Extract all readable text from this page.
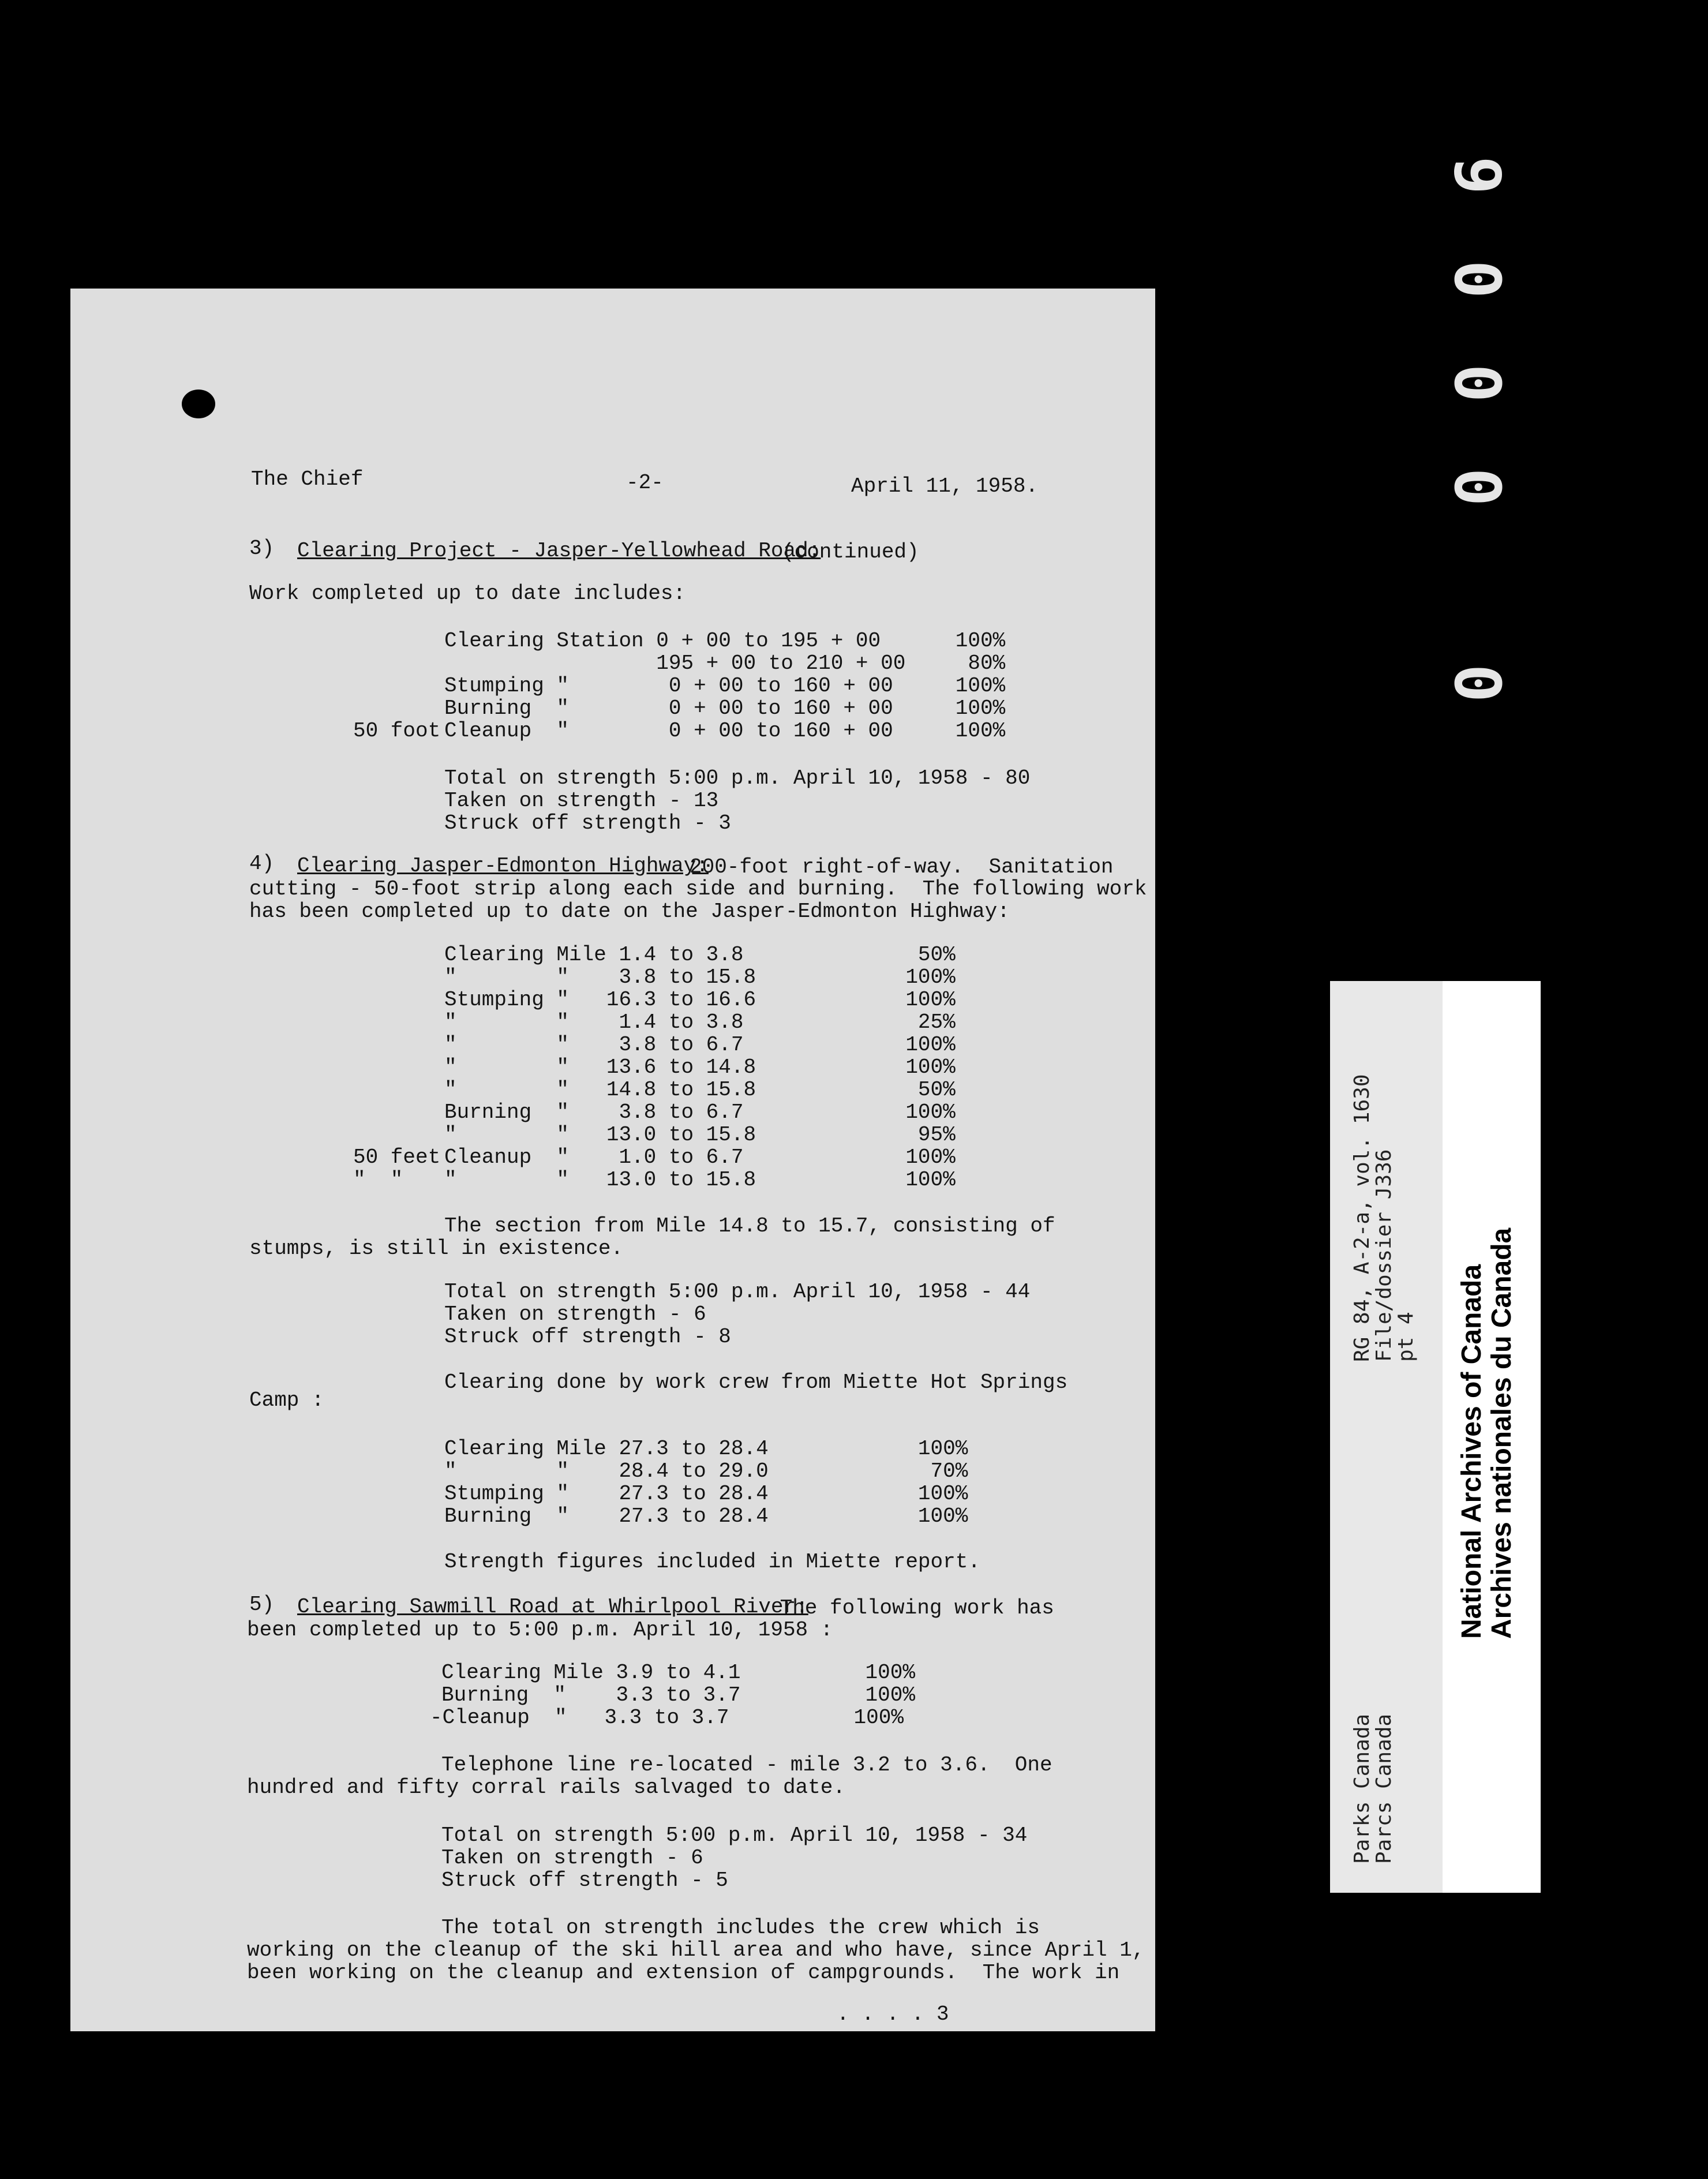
9
0
0
0
0
The Chief	-2-	April 11, 1958.
3) Clearing Project - Jasper-Yellowhead Road:
(continued)
Work completed up to date includes:
Clearing Station 0 + 00 to 195 + 00      100%
195 + 00 to 210 + 00     80%
Stumping "        0 + 00 to 160 + 00     100%
Burning  "        0 + 00 to 160 + 00     100%
50 foot Cleanup  "        0 + 00 to 160 + 00     100%
Total on strength 5:00 p.m. April 10, 1958 - 80
Taken on strength - 13
Struck off strength - 3
4) Clearing Jasper-Edmonton Highway:
200-foot right-of-way.  Sanitation
cutting - 50-foot strip along each side and burning.  The following work
has been completed up to date on the Jasper-Edmonton Highway:
Clearing Mile 1.4 to 3.8              50%
"        "    3.8 to 15.8            100%
Stumping "   16.3 to 16.6            100%
"        "    1.4 to 3.8              25%
"        "    3.8 to 6.7             100%
"        "   13.6 to 14.8            100%
"        "   14.8 to 15.8             50%
Burning  "    3.8 to 6.7             100%
"        "   13.0 to 15.8             95%
50 feet Cleanup  "    1.0 to 6.7             100%
"  " "        "   13.0 to 15.8            100%
The section from Mile 14.8 to 15.7, consisting of
stumps, is still in existence.
Total on strength 5:00 p.m. April 10, 1958 - 44
Taken on strength - 6
Struck off strength - 8
Clearing done by work crew from Miette Hot Springs
Camp :
Clearing Mile 27.3 to 28.4            100%
"        "    28.4 to 29.0             70%
Stumping "    27.3 to 28.4            100%
Burning  "    27.3 to 28.4            100%
Strength figures included in Miette report.
5) Clearing Sawmill Road at Whirlpool River:
The following work has
been completed up to 5:00 p.m. April 10, 1958 :
Clearing Mile 3.9 to 4.1          100%
Burning  "    3.3 to 3.7          100%
-Cleanup  "   3.3 to 3.7          100%
Telephone line re-located - mile 3.2 to 3.6.  One
hundred and fifty corral rails salvaged to date.
Total on strength 5:00 p.m. April 10, 1958 - 34
Taken on strength - 6
Struck off strength - 5
The total on strength includes the crew which is
working on the cleanup of the ski hill area and who have, since April 1,
been working on the cleanup and extension of campgrounds.  The work in
. . . . 3
RG 84, A-2-a, vol. 1630
File/dossier J336
pt 4
Parks Canada
Parcs Canada
National Archives of Canada Archives nationales du Canada
